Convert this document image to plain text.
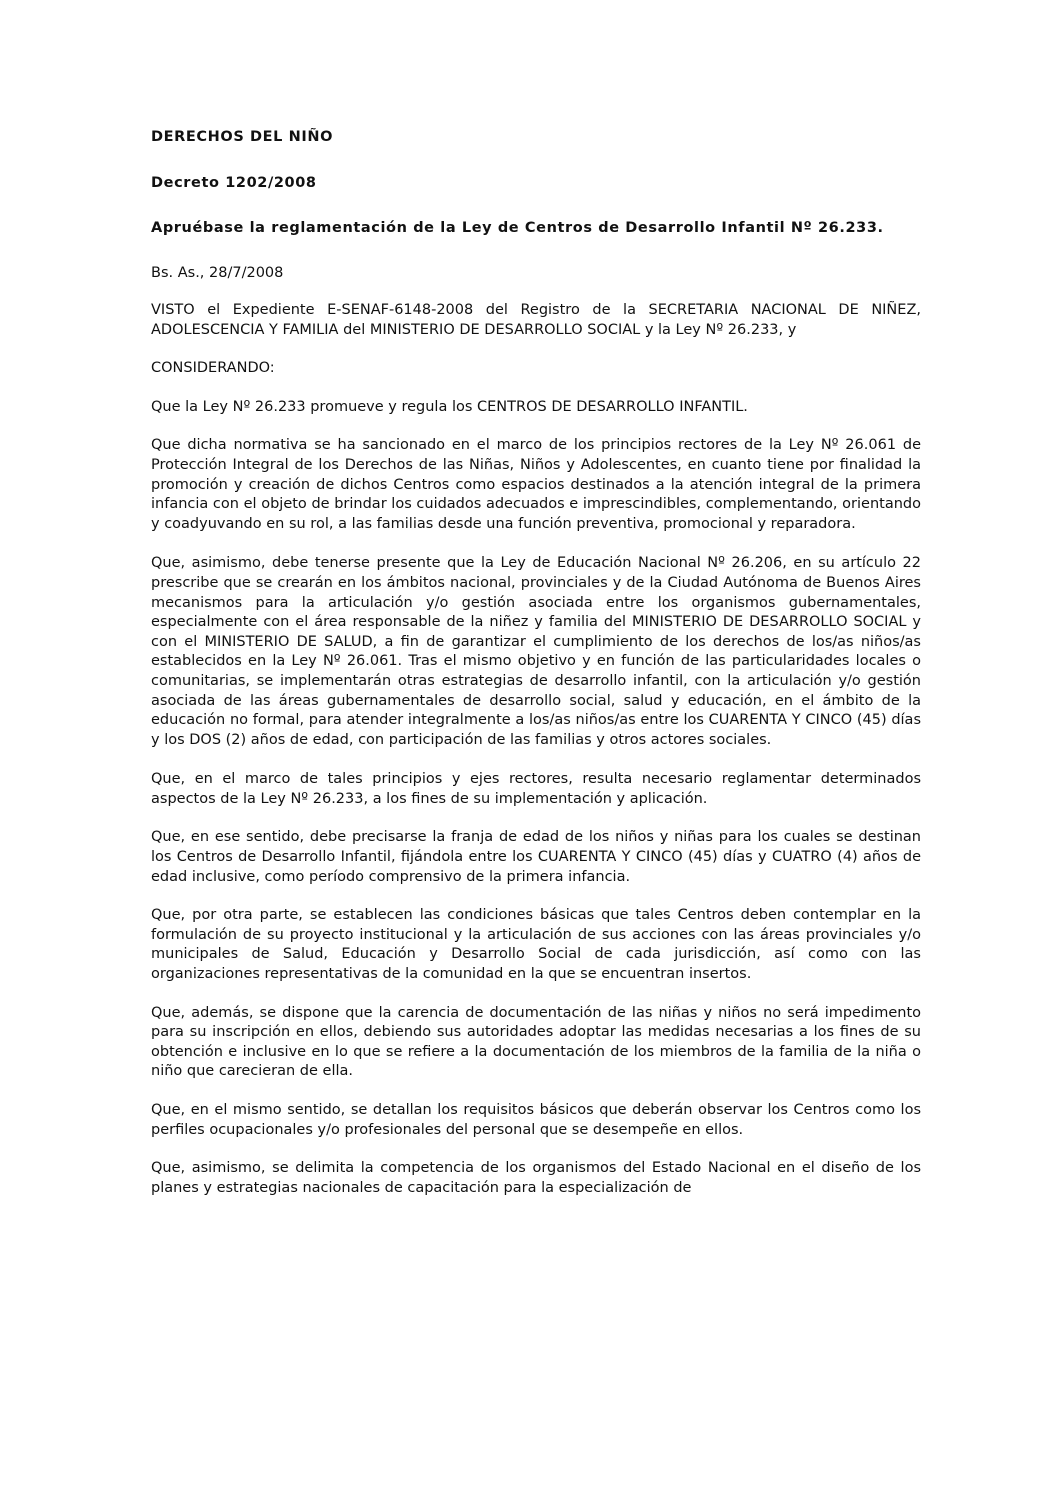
DERECHOS DEL NIÑO
Decreto 1202/2008
Apruébase la reglamentación de la Ley de Centros de Desarrollo Infantil Nº 26.233.
Bs. As., 28/7/2008

VISTO el Expediente E-SENAF-6148-2008 del Registro de la SECRETARIA NACIONAL DE NIÑEZ, ADOLESCENCIA Y FAMILIA del MINISTERIO DE DESARROLLO SOCIAL y la Ley Nº 26.233, y

CONSIDERANDO:

Que la Ley Nº 26.233 promueve y regula los CENTROS DE DESARROLLO INFANTIL.

Que dicha normativa se ha sancionado en el marco de los principios rectores de la Ley Nº 26.061 de Protección Integral de los Derechos de las Niñas, Niños y Adolescentes, en cuanto tiene por finalidad la promoción y creación de dichos Centros como espacios destinados a la atención integral de la primera infancia con el objeto de brindar los cuidados adecuados e imprescindibles, complementando, orientando y coadyuvando en su rol, a las familias desde una función preventiva, promocional y reparadora.

Que, asimismo, debe tenerse presente que la Ley de Educación Nacional Nº 26.206, en su artículo 22 prescribe que se crearán en los ámbitos nacional, provinciales y de la Ciudad Autónoma de Buenos Aires mecanismos para la articulación y/o gestión asociada entre los organismos gubernamentales, especialmente con el área responsable de la niñez y familia del MINISTERIO DE DESARROLLO SOCIAL y con el MINISTERIO DE SALUD, a fin de garantizar el cumplimiento de los derechos de los/as niños/as establecidos en la Ley Nº 26.061. Tras el mismo objetivo y en función de las particularidades locales o comunitarias, se implementarán otras estrategias de desarrollo infantil, con la articulación y/o gestión asociada de las áreas gubernamentales de desarrollo social, salud y educación, en el ámbito de la educación no formal, para atender integralmente a los/as niños/as entre los CUARENTA Y CINCO (45) días y los DOS (2) años de edad, con participación de las familias y otros actores sociales.

Que, en el marco de tales principios y ejes rectores, resulta necesario reglamentar determinados aspectos de la Ley Nº 26.233, a los fines de su implementación y aplicación.

Que, en ese sentido, debe precisarse la franja de edad de los niños y niñas para los cuales se destinan los Centros de Desarrollo Infantil, fijándola entre los CUARENTA Y CINCO (45) días y CUATRO (4) años de edad inclusive, como período comprensivo de la primera infancia.

Que, por otra parte, se establecen las condiciones básicas que tales Centros deben contemplar en la formulación de su proyecto institucional y la articulación de sus acciones con las áreas provinciales y/o municipales de Salud, Educación y Desarrollo Social de cada jurisdicción, así como con las organizaciones representativas de la comunidad en la que se encuentran insertos.

Que, además, se dispone que la carencia de documentación de las niñas y niños no será impedimento para su inscripción en ellos, debiendo sus autoridades adoptar las medidas necesarias a los fines de su obtención e inclusive en lo que se refiere a la documentación de los miembros de la familia de la niña o niño que carecieran de ella.

Que, en el mismo sentido, se detallan los requisitos básicos que deberán observar los Centros como los perfiles ocupacionales y/o profesionales del personal que se desempeñe en ellos.

Que, asimismo, se delimita la competencia de los organismos del Estado Nacional en el diseño de los planes y estrategias nacionales de capacitación para la especialización de
